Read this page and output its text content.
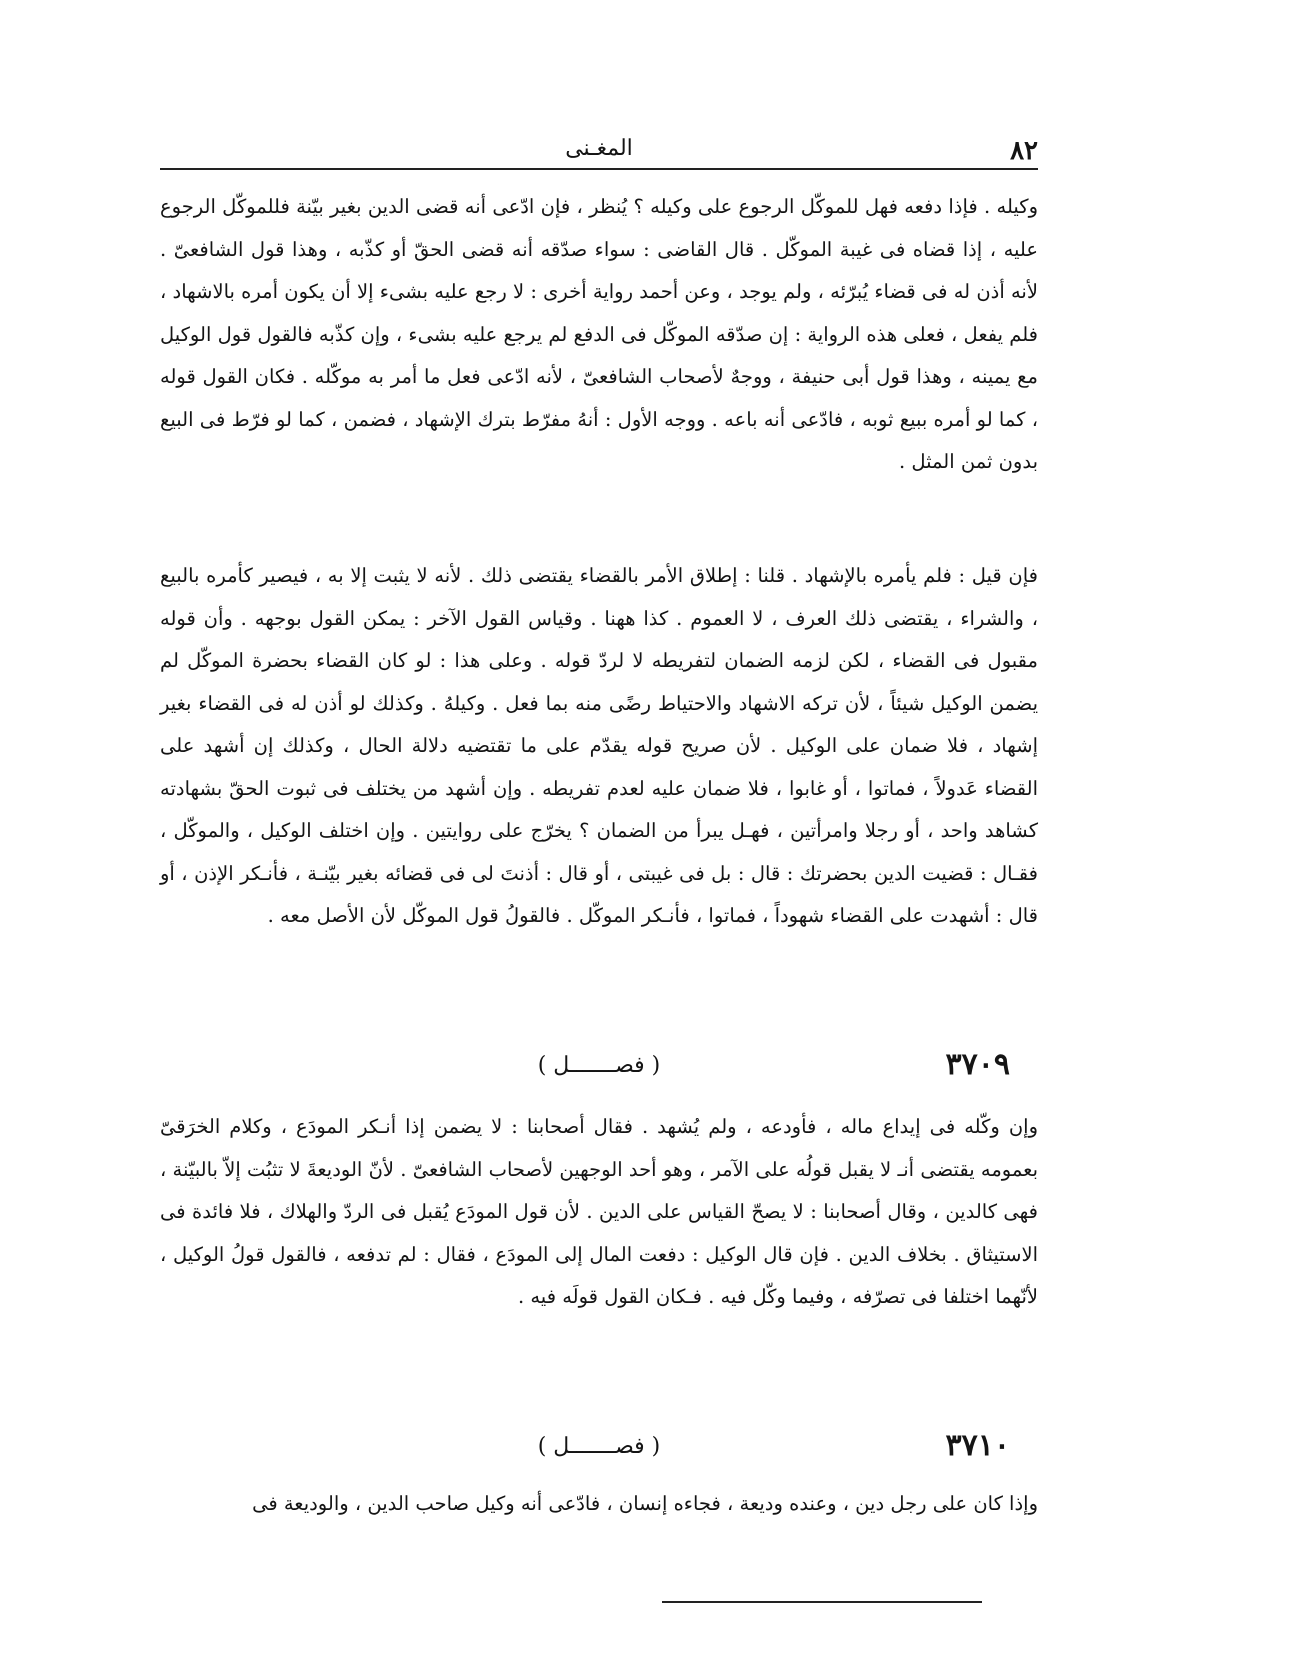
٨٢
المغـنى

وكيله . فإذا دفعه فهل للموكّل الرجوع على وكيله ؟ يُنظر ، فإن ادّعى أنه قضى الدين بغير بيّنة فللموكّل الرجوع عليه ، إذا قضاه فى غيبة الموكّل . قال القاضى : سواء صدّقه أنه قضى الحقّ أو كذّبه ، وهذا قول الشافعىّ . لأنه أذن له فى قضاء يُبرّئه ، ولم يوجد ، وعن أحمد رواية أخرى : لا رجع عليه بشىء إلا أن يكون أمره بالاشهاد ، فلم يفعل ، فعلى هذه الرواية : إن صدّقه الموكّل فى الدفع لم يرجع عليه بشىء ، وإن كذّبه فالقول قول الوكيل مع يمينه ، وهذا قول أبى حنيفة ، ووجهٌ لأصحاب الشافعىّ ، لأنه ادّعى فعل ما أمر به موكّله . فكان القول قوله ، كما لو أمره ببيع ثوبه ، فادّعى أنه باعه . ووجه الأول : أنهُ مفرّط بترك الإشهاد ، فضمن ، كما لو فرّط فى البيع بدون ثمن المثل .

فإن قيل : فلم يأمره بالإشهاد . قلنا : إطلاق الأمر بالقضاء يقتضى ذلك . لأنه لا يثبت إلا به ، فيصير كأمره بالبيع ، والشراء ، يقتضى ذلك العرف ، لا العموم . كذا ههنا . وقياس القول الآخر : يمكن القول بوجهه . وأن قوله مقبول فى القضاء ، لكن لزمه الضمان لتفريطه لا لردّ قوله . وعلى هذا : لو كان القضاء بحضرة الموكّل لم يضمن الوكيل شيئاً ، لأن تركه الاشهاد والاحتياط رضًى منه بما فعل . وكيلهُ . وكذلك لو أذن له فى القضاء بغير إشهاد ، فلا ضمان على الوكيل . لأن صريح قوله يقدّم على ما تقتضيه دلالة الحال ، وكذلك إن أشهد على القضاء عَدولاً ، فماتوا ، أو غابوا ، فلا ضمان عليه لعدم تفريطه . وإن أشهد من يختلف فى ثبوت الحقّ بشهادته كشاهد واحد ، أو رجلا وامرأتين ، فهـل يبرأ من الضمان ؟ يخرّج على روايتين . وإن اختلف الوكيل ، والموكّل ، فقـال : قضيت الدين بحضرتك : قال : بل فى غيبتى ، أو قال : أذنتَ لى فى قضائه بغير بيّنـة ، فأنـكر الإذن ، أو قال : أشهدت على القضاء شهوداً ، فماتوا ، فأنـكر الموكّل . فالقولُ قول الموكّل لأن الأصل معه .

٣٧٠٩
( فصـــــــل )

وإن وكّله فى إيداع ماله ، فأودعه ، ولم يُشهد . فقال أصحابنا : لا يضمن إذا أنـكر المودَع ، وكلام الخرَقىّ بعمومه يقتضى أنـ لا يقبل قولُه على الآمر ، وهو أحد الوجهين لأصحاب الشافعىّ . لأنّ الوديعةَ لا تثبُت إلاّ بالبيّنة ، فهى كالدين ، وقال أصحابنا : لا يصحّ القياس على الدين . لأن قول المودَع يُقبل فى الردّ والهلاك ، فلا فائدة فى الاستيثاق . بخلاف الدين . فإن قال الوكيل : دفعت المال إلى المودَع ، فقال : لم تدفعه ، فالقول قولُ الوكيل ، لأنّهما اختلفا فى تصرّفه ، وفيما وكّل فيه . فـكان القول قولَه فيه .

٣٧١٠
( فصـــــــل )

وإذا كان على رجل دين ، وعنده وديعة ، فجاءه إنسان ، فادّعى أنه وكيل صاحب الدين ، والوديعة فى
